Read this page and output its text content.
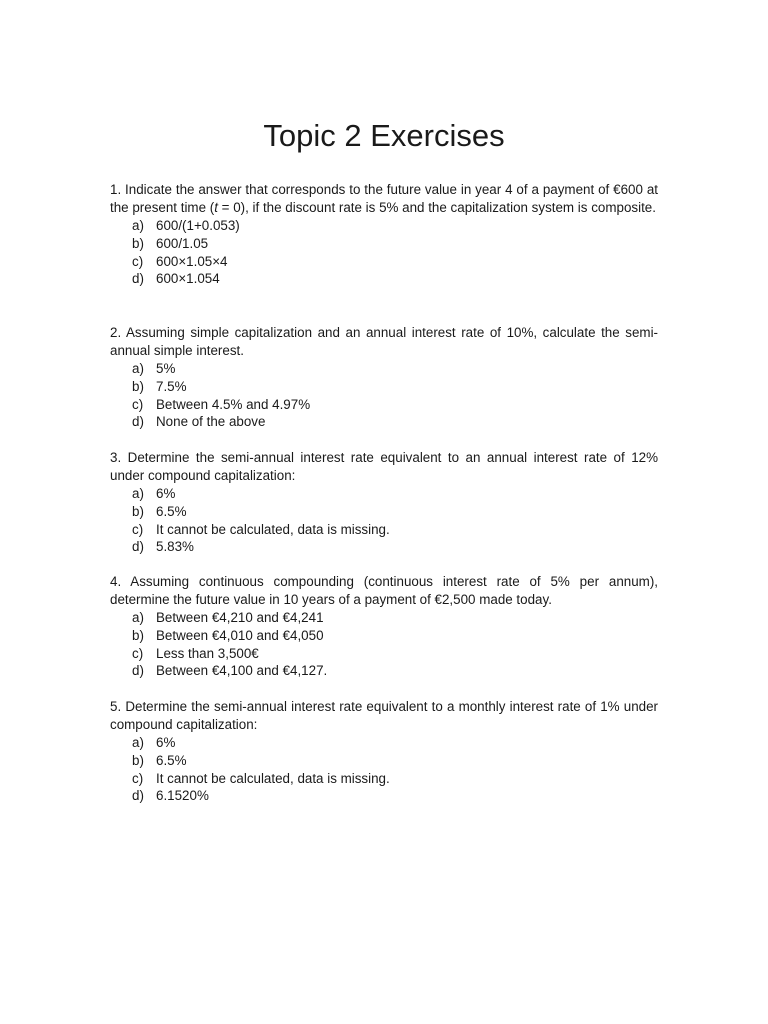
Topic 2 Exercises

1. Indicate the answer that corresponds to the future value in year 4 of a payment of €600 at the present time (t = 0), if the discount rate is 5% and the capitalization system is composite.

a) 600/(1+0.053)
b) 600/1.05
c) 600×1.05×4
d) 600×1.054

2. Assuming simple capitalization and an annual interest rate of 10%, calculate the semi-annual simple interest.

a) 5%
b) 7.5%
c) Between 4.5% and 4.97%
d) None of the above

3. Determine the semi-annual interest rate equivalent to an annual interest rate of 12% under compound capitalization:

a) 6%
b) 6.5%
c) It cannot be calculated, data is missing.
d) 5.83%

4. Assuming continuous compounding (continuous interest rate of 5% per annum), determine the future value in 10 years of a payment of €2,500 made today.

a) Between €4,210 and €4,241
b) Between €4,010 and €4,050
c) Less than 3,500€
d) Between €4,100 and €4,127.

5. Determine the semi-annual interest rate equivalent to a monthly interest rate of 1% under compound capitalization:

a) 6%
b) 6.5%
c) It cannot be calculated, data is missing.
d) 6.1520%
